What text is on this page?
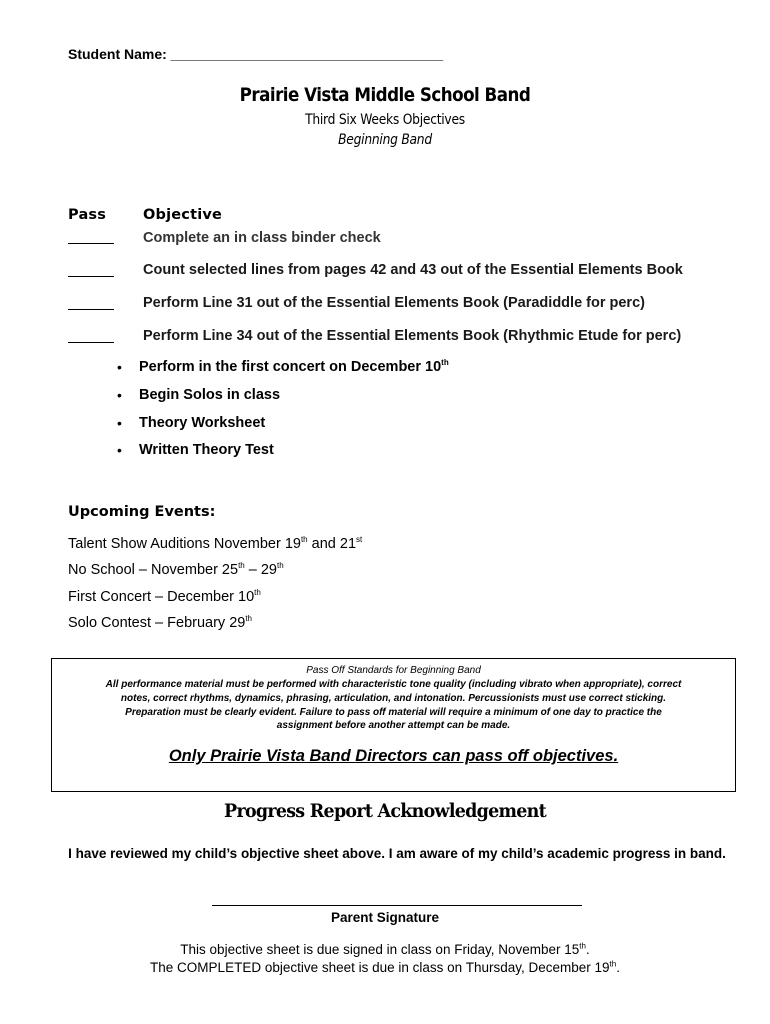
Student Name: ___________________________________
Prairie Vista Middle School Band
Third Six Weeks Objectives
Beginning Band
Pass	Objective
Complete an in class binder check
Count selected lines from pages 42 and 43 out of the Essential Elements Book
Perform Line 31 out of the Essential Elements Book (Paradiddle for perc)
Perform Line 34 out of the Essential Elements Book (Rhythmic Etude for perc)
• Perform in the first concert on December 10th
• Begin Solos in class
• Theory Worksheet
• Written Theory Test
Upcoming Events:
Talent Show Auditions November 19th and 21st
No School – November 25th – 29th
First Concert – December 10th
Solo Contest – February 29th
Pass Off Standards for Beginning Band
All performance material must be performed with characteristic tone quality (including vibrato when appropriate), correct
notes, correct rhythms, dynamics, phrasing, articulation, and intonation. Percussionists must use correct sticking.
Preparation must be clearly evident. Failure to pass off material will require a minimum of one day to practice the
assignment before another attempt can be made.
Only Prairie Vista Band Directors can pass off objectives.
Progress Report Acknowledgement
I have reviewed my child’s objective sheet above. I am aware of my child’s academic progress in band.
Parent Signature
This objective sheet is due signed in class on Friday, November 15th.
The COMPLETED objective sheet is due in class on Thursday, December 19th.
